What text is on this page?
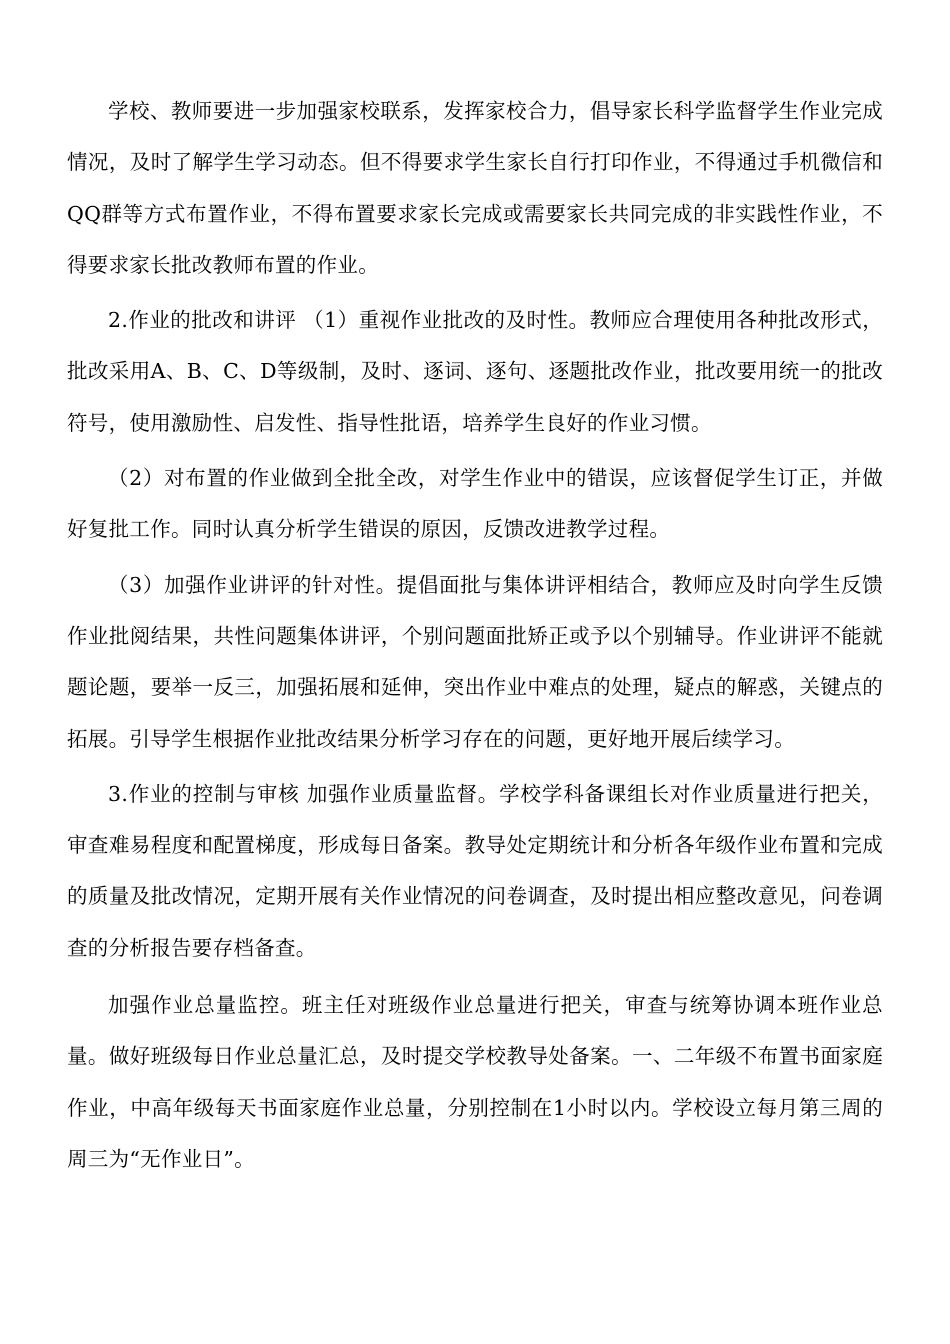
学校、教师要进一步加强家校联系，发挥家校合力，倡导家长科学监督学生作业完成情况，及时了解学生学习动态。但不得要求学生家长自行打印作业，不得通过手机微信和QQ群等方式布置作业，不得布置要求家长完成或需要家长共同完成的非实践性作业，不得要求家长批改教师布置的作业。

2.作业的批改和讲评 （1）重视作业批改的及时性。教师应合理使用各种批改形式，批改采用A、B、C、D等级制，及时、逐词、逐句、逐题批改作业，批改要用统一的批改符号，使用激励性、启发性、指导性批语，培养学生良好的作业习惯。

（2）对布置的作业做到全批全改，对学生作业中的错误，应该督促学生订正，并做好复批工作。同时认真分析学生错误的原因，反馈改进教学过程。

（3）加强作业讲评的针对性。提倡面批与集体讲评相结合，教师应及时向学生反馈作业批阅结果，共性问题集体讲评，个别问题面批矫正或予以个别辅导。作业讲评不能就题论题，要举一反三，加强拓展和延伸，突出作业中难点的处理，疑点的解惑，关键点的拓展。引导学生根据作业批改结果分析学习存在的问题，更好地开展后续学习。

3.作业的控制与审核 加强作业质量监督。学校学科备课组长对作业质量进行把关，审查难易程度和配置梯度，形成每日备案。教导处定期统计和分析各年级作业布置和完成的质量及批改情况，定期开展有关作业情况的问卷调查，及时提出相应整改意见，问卷调查的分析报告要存档备查。

加强作业总量监控。班主任对班级作业总量进行把关，审查与统筹协调本班作业总量。做好班级每日作业总量汇总，及时提交学校教导处备案。一、二年级不布置书面家庭作业，中高年级每天书面家庭作业总量，分别控制在1小时以内。学校设立每月第三周的周三为“无作业日”。
